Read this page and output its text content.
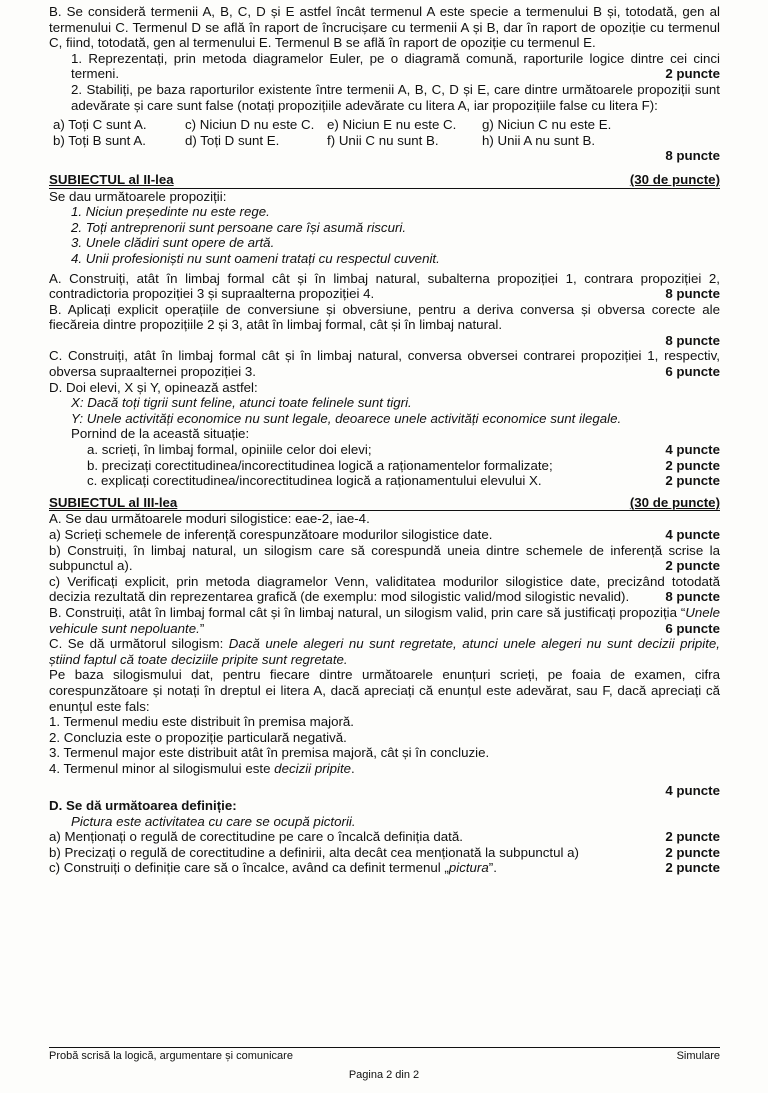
B. Se consideră termenii A, B, C, D și E astfel încât termenul A este specie a termenului B și, totodată, gen al termenului C. Termenul D se află în raport de încrucișare cu termenii A și B, dar în raport de opoziție cu termenul C, fiind, totodată, gen al termenului E. Termenul B se află în raport de opoziție cu termenul E.

1. Reprezentați, prin metoda diagramelor Euler, pe o diagramă comună, raporturile logice dintre cei cinci termeni.	2 puncte

2. Stabiliți, pe baza raporturilor existente între termenii A, B, C, D și E, care dintre următoarele propoziții sunt adevărate și care sunt false (notați propozițiile adevărate cu litera A, iar propozițiile false cu litera F):

a) Toți C sunt A.	c) Niciun D nu este C. e) Niciun E nu este C.	g) Niciun C nu este E.
b) Toți B sunt A.	d) Toți D sunt E.	f) Unii C nu sunt B.	h) Unii A nu sunt B.

8 puncte

SUBIECTUL al II-lea	(30 de puncte)

Se dau următoarele propoziții:

1. Niciun președinte nu este rege.

2. Toți antreprenorii sunt persoane care își asumă riscuri.

3. Unele clădiri sunt opere de artă.

4. Unii profesioniști nu sunt oameni tratați cu respectul cuvenit.

A. Construiți, atât în limbaj formal cât și în limbaj natural, subalterna propoziției 1, contrara propoziției 2, contradictoria propoziției 3 și supraalterna propoziției 4.	8 puncte

B. Aplicați explicit operațiile de conversiune și obversiune, pentru a deriva conversa și obversa corecte ale fiecăreia dintre propozițiile 2 și 3, atât în limbaj formal, cât și în limbaj natural.

8 puncte

C. Construiți, atât în limbaj formal cât și în limbaj natural, conversa obversei contrarei propoziției 1, respectiv, obversa supraalternei propoziției 3.	6 puncte

D. Doi elevi, X și Y, opinează astfel:

X: Dacă toți tigrii sunt feline, atunci toate felinele sunt tigri.

Y: Unele activități economice nu sunt legale, deoarece unele activități economice sunt ilegale.

Pornind de la această situație:

a. scrieți, în limbaj formal, opiniile celor doi elevi;	4 puncte
b. precizați corectitudinea/incorectitudinea logică a raționamentelor formalizate;	2 puncte
c. explicați corectitudinea/incorectitudinea logică a raționamentului elevului X.	2 puncte
SUBIECTUL al III-lea	(30 de puncte)

A. Se dau următoarele moduri silogistice: eae-2, iae-4.

a) Scrieți schemele de inferență corespunzătoare modurilor silogistice date.	4 puncte

b) Construiți, în limbaj natural, un silogism care să corespundă uneia dintre schemele de inferență scrise la subpunctul a).	2 puncte

c) Verificați explicit, prin metoda diagramelor Venn, validitatea modurilor silogistice date, precizând totodată decizia rezultată din reprezentarea grafică (de exemplu: mod silogistic valid/mod silogistic nevalid).	8 puncte

B. Construiți, atât în limbaj formal cât și în limbaj natural, un silogism valid, prin care să justificați propoziția “Unele vehicule sunt nepoluante.”	6 puncte

C. Se dă următorul silogism: Dacă unele alegeri nu sunt regretate, atunci unele alegeri nu sunt decizii pripite, știind faptul că toate deciziile pripite sunt regretate.

Pe baza silogismului dat, pentru fiecare dintre următoarele enunțuri scrieți, pe foaia de examen, cifra corespunzătoare și notați în dreptul ei litera A, dacă apreciați că enunțul este adevărat, sau F, dacă apreciați că enunțul este fals:

1. Termenul mediu este distribuit în premisa majoră.

2. Concluzia este o propoziție particulară negativă.

3. Termenul major este distribuit atât în premisa majoră, cât și în concluzie.

4. Termenul minor al silogismului este decizii pripite.

4 puncte

D. Se dă următoarea definiție:

Pictura este activitatea cu care se ocupă pictorii.

a) Menționați o regulă de corectitudine pe care o încalcă definiția dată.	2 puncte
b) Precizați o regulă de corectitudine a definirii, alta decât cea menționată la subpunctul a)	2 puncte
c) Construiți o definiție care să o încalce, având ca definit termenul „pictura”.	2 puncte
Probă scrisă la logică, argumentare și comunicare	Simulare
Pagina 2 din 2
